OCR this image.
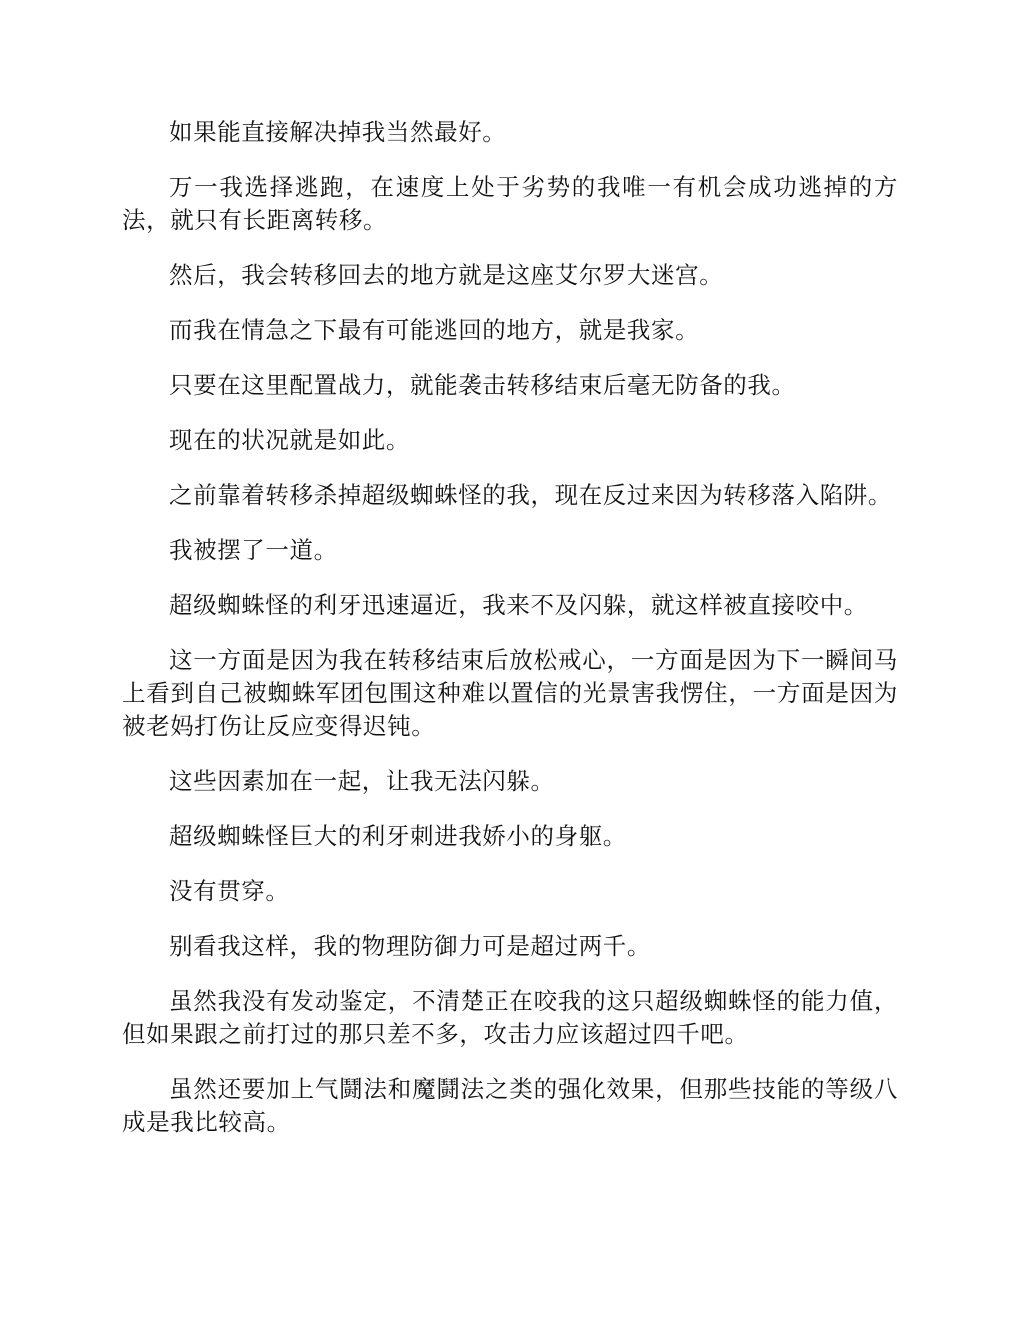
如果能直接解决掉我当然最好。

万一我选择逃跑，在速度上处于劣势的我唯一有机会成功逃掉的方法，就只有长距离转移。

然后，我会转移回去的地方就是这座艾尔罗大迷宫。

而我在情急之下最有可能逃回的地方，就是我家。

只要在这里配置战力，就能袭击转移结束后毫无防备的我。

现在的状况就是如此。

之前靠着转移杀掉超级蜘蛛怪的我，现在反过来因为转移落入陷阱。

我被摆了一道。

超级蜘蛛怪的利牙迅速逼近，我来不及闪躲，就这样被直接咬中。

这一方面是因为我在转移结束后放松戒心，一方面是因为下一瞬间马上看到自己被蜘蛛军团包围这种难以置信的光景害我愣住，一方面是因为被老妈打伤让反应变得迟钝。

这些因素加在一起，让我无法闪躲。

超级蜘蛛怪巨大的利牙刺进我娇小的身躯。

没有贯穿。

别看我这样，我的物理防御力可是超过两千。

虽然我没有发动鉴定，不清楚正在咬我的这只超级蜘蛛怪的能力值，但如果跟之前打过的那只差不多，攻击力应该超过四千吧。

虽然还要加上气鬪法和魔鬪法之类的强化效果，但那些技能的等级八成是我比较高。
